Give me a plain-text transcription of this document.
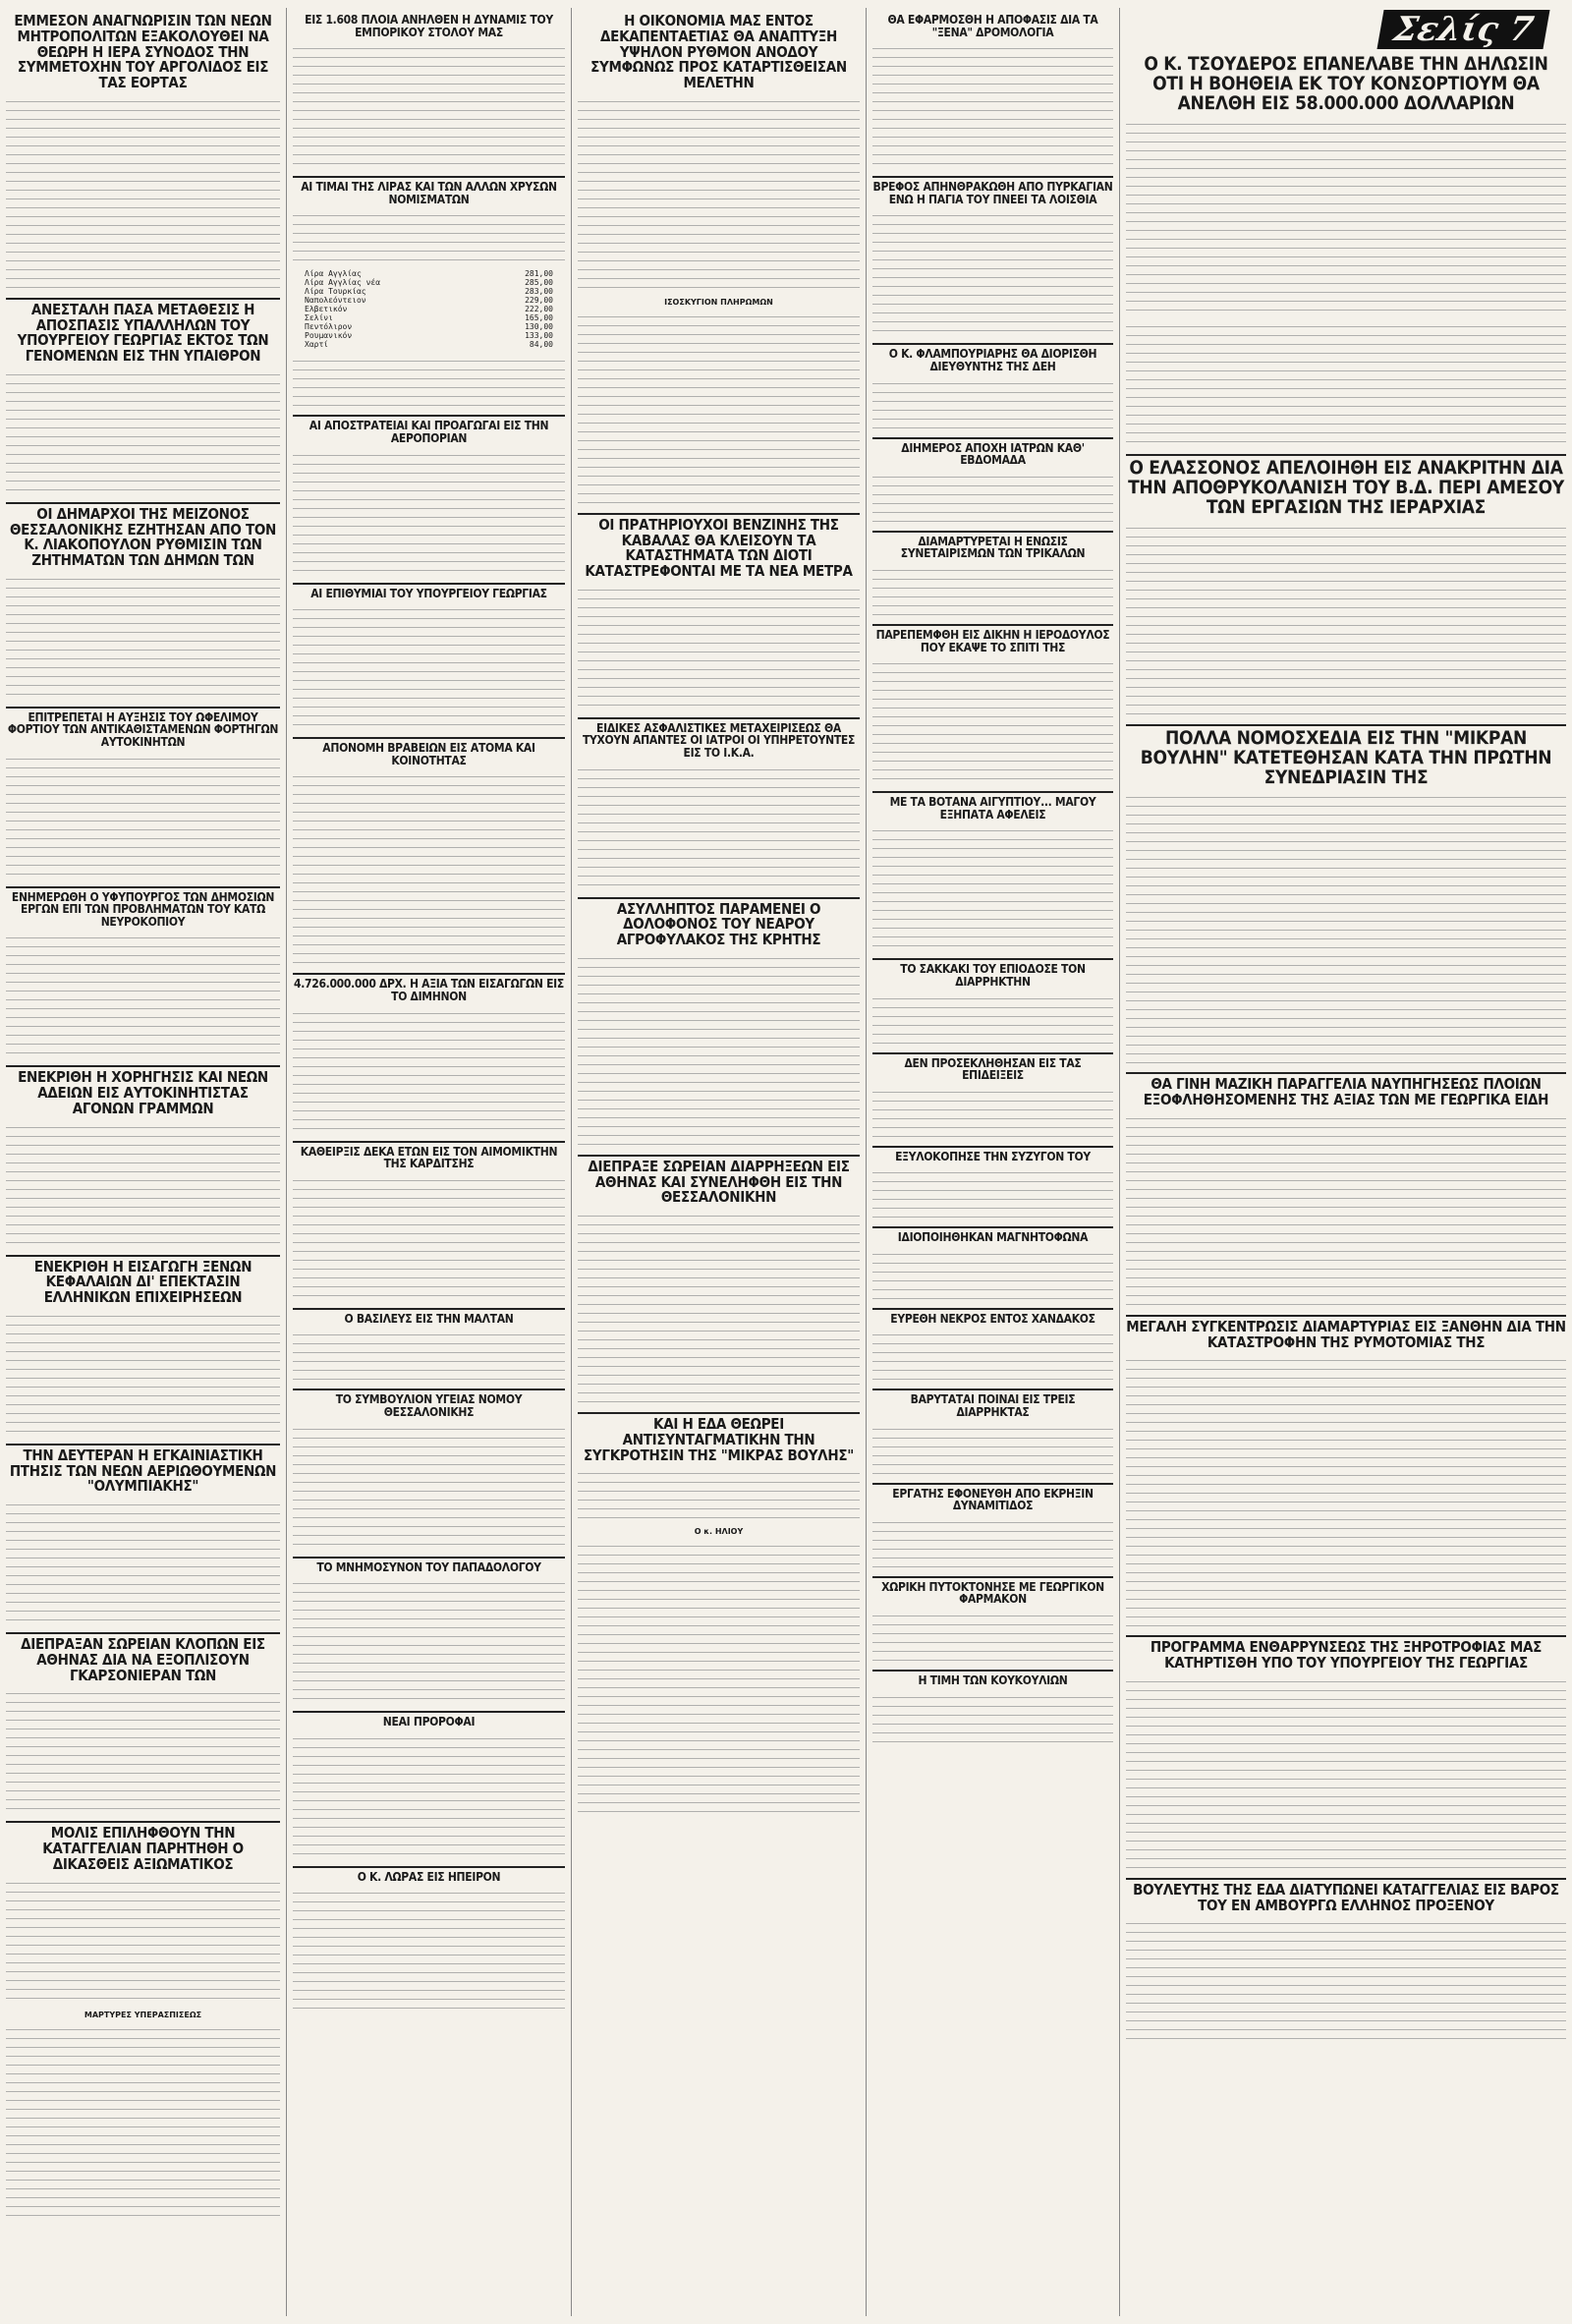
ΕΜΜΕΣΟΝ ΑΝΑΓΝΩΡΙΣΙΝ ΤΩΝ ΝΕΩΝ ΜΗΤΡΟΠΟΛΙΤΩΝ ΕΞΑΚΟΛΟΥΘΕΙ ΝΑ ΘΕΩΡΗ Η ΙΕΡΑ ΣΥΝΟΔΟΣ ΤΗΝ ΣΥΜΜΕΤΟΧΗΝ ΤΟΥ ΑΡΓΟΛΙΔΟΣ ΕΙΣ ΤΑΣ ΕΟΡΤΑΣ
ΑΝΕΣΤΑΛΗ ΠΑΣΑ ΜΕΤΑΘΕΣΙΣ Η ΑΠΟΣΠΑΣΙΣ ΥΠΑΛΛΗΛΩΝ ΤΟΥ ΥΠΟΥΡΓΕΙΟΥ ΓΕΩΡΓΙΑΣ ΕΚΤΟΣ ΤΩΝ ΓΕΝΟΜΕΝΩΝ ΕΙΣ ΤΗΝ ΥΠΑΙΘΡΟΝ
ΟΙ ΔΗΜΑΡΧΟΙ ΤΗΣ ΜΕΙΖΟΝΟΣ ΘΕΣΣΑΛΟΝΙΚΗΣ ΕΖΗΤΗΣΑΝ ΑΠΟ ΤΟΝ Κ. ΛΙΑΚΟΠΟΥΛΟΝ ΡΥΘΜΙΣΙΝ ΤΩΝ ΖΗΤΗΜΑΤΩΝ ΤΩΝ ΔΗΜΩΝ ΤΩΝ
ΕΠΙΤΡΕΠΕΤΑΙ Η ΑΥΞΗΣΙΣ ΤΟΥ ΩΦΕΛΙΜΟΥ ΦΟΡΤΙΟΥ ΤΩΝ ΑΝΤΙΚΑΘΙΣΤΑΜΕΝΩΝ ΦΟΡΤΗΓΩΝ ΑΥΤΟΚΙΝΗΤΩΝ
ΕΝΗΜΕΡΩΘΗ Ο ΥΦΥΠΟΥΡΓΟΣ ΤΩΝ ΔΗΜΟΣΙΩΝ ΕΡΓΩΝ ΕΠΙ ΤΩΝ ΠΡΟΒΛΗΜΑΤΩΝ ΤΟΥ ΚΑΤΩ ΝΕΥΡΟΚΟΠΙΟΥ
ΕΝΕΚΡΙΘΗ Η ΧΟΡΗΓΗΣΙΣ ΚΑΙ ΝΕΩΝ ΑΔΕΙΩΝ ΕΙΣ ΑΥΤΟΚΙΝΗΤΙΣΤΑΣ ΑΓΟΝΩΝ ΓΡΑΜΜΩΝ
ΕΝΕΚΡΙΘΗ Η ΕΙΣΑΓΩΓΗ ΞΕΝΩΝ ΚΕΦΑΛΑΙΩΝ ΔΙ' ΕΠΕΚΤΑΣΙΝ ΕΛΛΗΝΙΚΩΝ ΕΠΙΧΕΙΡΗΣΕΩΝ
ΤΗΝ ΔΕΥΤΕΡΑΝ Η ΕΓΚΑΙΝΙΑΣΤΙΚΗ ΠΤΗΣΙΣ ΤΩΝ ΝΕΩΝ ΑΕΡΙΩΘΟΥΜΕΝΩΝ "ΟΛΥΜΠΙΑΚΗΣ"
ΔΙΕΠΡΑΞΑΝ ΣΩΡΕΙΑΝ ΚΛΟΠΩΝ ΕΙΣ ΑΘΗΝΑΣ ΔΙΑ ΝΑ ΕΞΟΠΛΙΣΟΥΝ ΓΚΑΡΣΟΝΙΕΡΑΝ ΤΩΝ
ΜΟΛΙΣ ΕΠΙΛΗΦΘΟΥΝ ΤΗΝ ΚΑΤΑΓΓΕΛΙΑΝ ΠΑΡΗΤΗΘΗ Ο ΔΙΚΑΣΘΕΙΣ ΑΞΙΩΜΑΤΙΚΟΣ
ΜΑΡΤΥΡΕΣ ΥΠΕΡΑΣΠΙΣΕΩΣ
ΕΙΣ 1.608 ΠΛΟΙΑ ΑΝΗΛΘΕΝ Η ΔΥΝΑΜΙΣ ΤΟΥ ΕΜΠΟΡΙΚΟΥ ΣΤΟΛΟΥ ΜΑΣ
ΑΙ ΤΙΜΑΙ ΤΗΣ ΛΙΡΑΣ ΚΑΙ ΤΩΝ ΑΛΛΩΝ ΧΡΥΣΩΝ ΝΟΜΙΣΜΑΤΩΝ
Λίρα Αγγλίας	281,00
Λίρα Αγγλίας νέα	285,00
Λίρα Τουρκίας	283,00
Ναπολεόντειον	229,00
Ελβετικόν	222,00
Σελίνι	165,00
Πεντόλιρον	130,00
Ρουμανικόν	133,00
Χαρτί	84,00
ΑΙ ΑΠΟΣΤΡΑΤΕΙΑΙ ΚΑΙ ΠΡΟΑΓΩΓΑΙ ΕΙΣ ΤΗΝ ΑΕΡΟΠΟΡΙΑΝ
ΑΙ ΕΠΙΘΥΜΙΑΙ ΤΟΥ ΥΠΟΥΡΓΕΙΟΥ ΓΕΩΡΓΙΑΣ
ΑΠΟΝΟΜΗ ΒΡΑΒΕΙΩΝ ΕΙΣ ΑΤΟΜΑ ΚΑΙ ΚΟΙΝΟΤΗΤΑΣ
4.726.000.000 ΔΡΧ. Η ΑΞΙΑ ΤΩΝ ΕΙΣΑΓΩΓΩΝ ΕΙΣ ΤΟ ΔΙΜΗΝΟΝ
ΚΑΘΕΙΡΞΙΣ ΔΕΚΑ ΕΤΩΝ ΕΙΣ ΤΟΝ ΑΙΜΟΜΙΚΤΗΝ ΤΗΣ ΚΑΡΔΙΤΣΗΣ
Ο ΒΑΣΙΛΕΥΣ ΕΙΣ ΤΗΝ ΜΑΛΤΑΝ
ΤΟ ΣΥΜΒΟΥΛΙΟΝ ΥΓΕΙΑΣ ΝΟΜΟΥ ΘΕΣΣΑΛΟΝΙΚΗΣ
ΤΟ ΜΝΗΜΟΣΥΝΟΝ ΤΟΥ ΠΑΠΑΔΟΛΟΓΟΥ
ΝΕΑΙ ΠΡΟΡΟΦΑΙ
Ο Κ. ΛΩΡΑΣ ΕΙΣ ΗΠΕΙΡΟΝ
Η ΟΙΚΟΝΟΜΙΑ ΜΑΣ ΕΝΤΟΣ ΔΕΚΑΠΕΝΤΑΕΤΙΑΣ ΘΑ ΑΝΑΠΤΥΞΗ ΥΨΗΛΟΝ ΡΥΘΜΟΝ ΑΝΟΔΟΥ ΣΥΜΦΩΝΩΣ ΠΡΟΣ ΚΑΤΑΡΤΙΣΘΕΙΣΑΝ ΜΕΛΕΤΗΝ
ΙΣΟΣΚΥΓΙΟΝ ΠΛΗΡΩΜΩΝ
ΟΙ ΠΡΑΤΗΡΙΟΥΧΟΙ ΒΕΝΖΙΝΗΣ ΤΗΣ ΚΑΒΑΛΑΣ ΘΑ ΚΛΕΙΣΟΥΝ ΤΑ ΚΑΤΑΣΤΗΜΑΤΑ ΤΩΝ ΔΙΟΤΙ ΚΑΤΑΣΤΡΕΦΟΝΤΑΙ ΜΕ ΤΑ ΝΕΑ ΜΕΤΡΑ
ΕΙΔΙΚΕΣ ΑΣΦΑΛΙΣΤΙΚΕΣ ΜΕΤΑΧΕΙΡΙΣΕΩΣ ΘΑ ΤΥΧΟΥΝ ΑΠΑΝΤΕΣ ΟΙ ΙΑΤΡΟΙ ΟΙ ΥΠΗΡΕΤΟΥΝΤΕΣ ΕΙΣ ΤΟ Ι.Κ.Α.
ΑΣΥΛΛΗΠΤΟΣ ΠΑΡΑΜΕΝΕΙ Ο ΔΟΛΟΦΟΝΟΣ ΤΟΥ ΝΕΑΡΟΥ ΑΓΡΟΦΥΛΑΚΟΣ ΤΗΣ ΚΡΗΤΗΣ
ΔΙΕΠΡΑΞΕ ΣΩΡΕΙΑΝ ΔΙΑΡΡΗΞΕΩΝ ΕΙΣ ΑΘΗΝΑΣ ΚΑΙ ΣΥΝΕΛΗΦΘΗ ΕΙΣ ΤΗΝ ΘΕΣΣΑΛΟΝΙΚΗΝ
ΚΑΙ Η ΕΔΑ ΘΕΩΡΕΙ ΑΝΤΙΣΥΝΤΑΓΜΑΤΙΚΗΝ ΤΗΝ ΣΥΓΚΡΟΤΗΣΙΝ ΤΗΣ "ΜΙΚΡΑΣ ΒΟΥΛΗΣ"
Ο κ. ΗΛΙΟΥ
ΘΑ ΕΦΑΡΜΟΣΘΗ Η ΑΠΟΦΑΣΙΣ ΔΙΑ ΤΑ "ΞΕΝΑ" ΔΡΟΜΟΛΟΓΙΑ
ΒΡΕΦΟΣ ΑΠΗΝΘΡΑΚΩΘΗ ΑΠΟ ΠΥΡΚΑΓΙΑΝ ΕΝΩ Η ΠΑΓΙΑ ΤΟΥ ΠΝΕΕΙ ΤΑ ΛΟΙΣΘΙΑ
Ο Κ. ΦΛΑΜΠΟΥΡΙΑΡΗΣ ΘΑ ΔΙΟΡΙΣΘΗ ΔΙΕΥΘΥΝΤΗΣ ΤΗΣ ΔΕΗ
ΔΙΗΜΕΡΟΣ ΑΠΟΧΗ ΙΑΤΡΩΝ ΚΑΘ' ΕΒΔΟΜΑΔΑ
ΔΙΑΜΑΡΤΥΡΕΤΑΙ Η ΕΝΩΣΙΣ ΣΥΝΕΤΑΙΡΙΣΜΩΝ ΤΩΝ ΤΡΙΚΑΛΩΝ
ΠΑΡΕΠΕΜΦΘΗ ΕΙΣ ΔΙΚΗΝ Η ΙΕΡΟΔΟΥΛΟΣ ΠΟΥ ΕΚΑΨΕ ΤΟ ΣΠΙΤΙ ΤΗΣ
ΜΕ ΤΑ ΒΟΤΑΝΑ ΑΙΓΥΠΤΙΟΥ... ΜΑΓΟΥ ΕΞΗΠΑΤΑ ΑΦΕΛΕΙΣ
ΤΟ ΣΑΚΚΑΚΙ ΤΟΥ ΕΠΙΟΔΟΣΕ ΤΟΝ ΔΙΑΡΡΗΚΤΗΝ
ΔΕΝ ΠΡΟΣΕΚΛΗΘΗΣΑΝ ΕΙΣ ΤΑΣ ΕΠΙΔΕΙΞΕΙΣ
ΕΞΥΛΟΚΟΠΗΣΕ ΤΗΝ ΣΥΖΥΓΟΝ ΤΟΥ
ΙΔΙΟΠΟΙΗΘΗΚΑΝ ΜΑΓΝΗΤΟΦΩΝΑ
ΕΥΡΕΘΗ ΝΕΚΡΟΣ ΕΝΤΟΣ ΧΑΝΔΑΚΟΣ
ΒΑΡΥΤΑΤΑΙ ΠΟΙΝΑΙ ΕΙΣ ΤΡΕΙΣ ΔΙΑΡΡΗΚΤΑΣ
ΕΡΓΑΤΗΣ ΕΦΟΝΕΥΘΗ ΑΠΟ ΕΚΡΗΞΙΝ ΔΥΝΑΜΙΤΙΔΟΣ
ΧΩΡΙΚΗ ΠΥΤΟΚΤΟΝΗΣΕ ΜΕ ΓΕΩΡΓΙΚΟΝ ΦΑΡΜΑΚΟΝ
Η ΤΙΜΗ ΤΩΝ ΚΟΥΚΟΥΛΙΩΝ
Σελίς 7
Ο Κ. ΤΣΟΥΔΕΡΟΣ ΕΠΑΝΕΛΑΒΕ ΤΗΝ ΔΗΛΩΣΙΝ ΟΤΙ Η ΒΟΗΘΕΙΑ ΕΚ ΤΟΥ ΚΟΝΣΟΡΤΙΟΥΜ ΘΑ ΑΝΕΛΘΗ ΕΙΣ 58.000.000 ΔΟΛΛΑΡΙΩΝ
Ο ΕΛΑΣΣΟΝΟΣ ΑΠΕΛΟΙΗΘΗ ΕΙΣ ΑΝΑΚΡΙΤΗΝ ΔΙΑ ΤΗΝ ΑΠΟΘΡΥΚΟΛΑΝΙΣΗ ΤΟΥ Β.Δ. ΠΕΡΙ ΑΜΕΣΟΥ ΤΩΝ ΕΡΓΑΣΙΩΝ ΤΗΣ ΙΕΡΑΡΧΙΑΣ
ΠΟΛΛΑ ΝΟΜΟΣΧΕΔΙΑ ΕΙΣ ΤΗΝ "ΜΙΚΡΑΝ ΒΟΥΛΗΝ" ΚΑΤΕΤΕΘΗΣΑΝ ΚΑΤΑ ΤΗΝ ΠΡΩΤΗΝ ΣΥΝΕΔΡΙΑΣΙΝ ΤΗΣ
ΘΑ ΓΙΝΗ ΜΑΖΙΚΗ ΠΑΡΑΓΓΕΛΙΑ ΝΑΥΠΗΓΗΣΕΩΣ ΠΛΟΙΩΝ ΕΞΟΦΛΗΘΗΣΟΜΕΝΗΣ ΤΗΣ ΑΞΙΑΣ ΤΩΝ ΜΕ ΓΕΩΡΓΙΚΑ ΕΙΔΗ
ΜΕΓΑΛΗ ΣΥΓΚΕΝΤΡΩΣΙΣ ΔΙΑΜΑΡΤΥΡΙΑΣ ΕΙΣ ΞΑΝΘΗΝ ΔΙΑ ΤΗΝ ΚΑΤΑΣΤΡΟΦΗΝ ΤΗΣ ΡΥΜΟΤΟΜΙΑΣ ΤΗΣ
ΠΡΟΓΡΑΜΜΑ ΕΝΘΑΡΡΥΝΣΕΩΣ ΤΗΣ ΞΗΡΟΤΡΟΦΙΑΣ ΜΑΣ ΚΑΤΗΡΤΙΣΘΗ ΥΠΟ ΤΟΥ ΥΠΟΥΡΓΕΙΟΥ ΤΗΣ ΓΕΩΡΓΙΑΣ
ΒΟΥΛΕΥΤΗΣ ΤΗΣ ΕΔΑ ΔΙΑΤΥΠΩΝΕΙ ΚΑΤΑΓΓΕΛΙΑΣ ΕΙΣ ΒΑΡΟΣ ΤΟΥ ΕΝ ΑΜΒΟΥΡΓΩ ΕΛΛΗΝΟΣ ΠΡΟΞΕΝΟΥ
